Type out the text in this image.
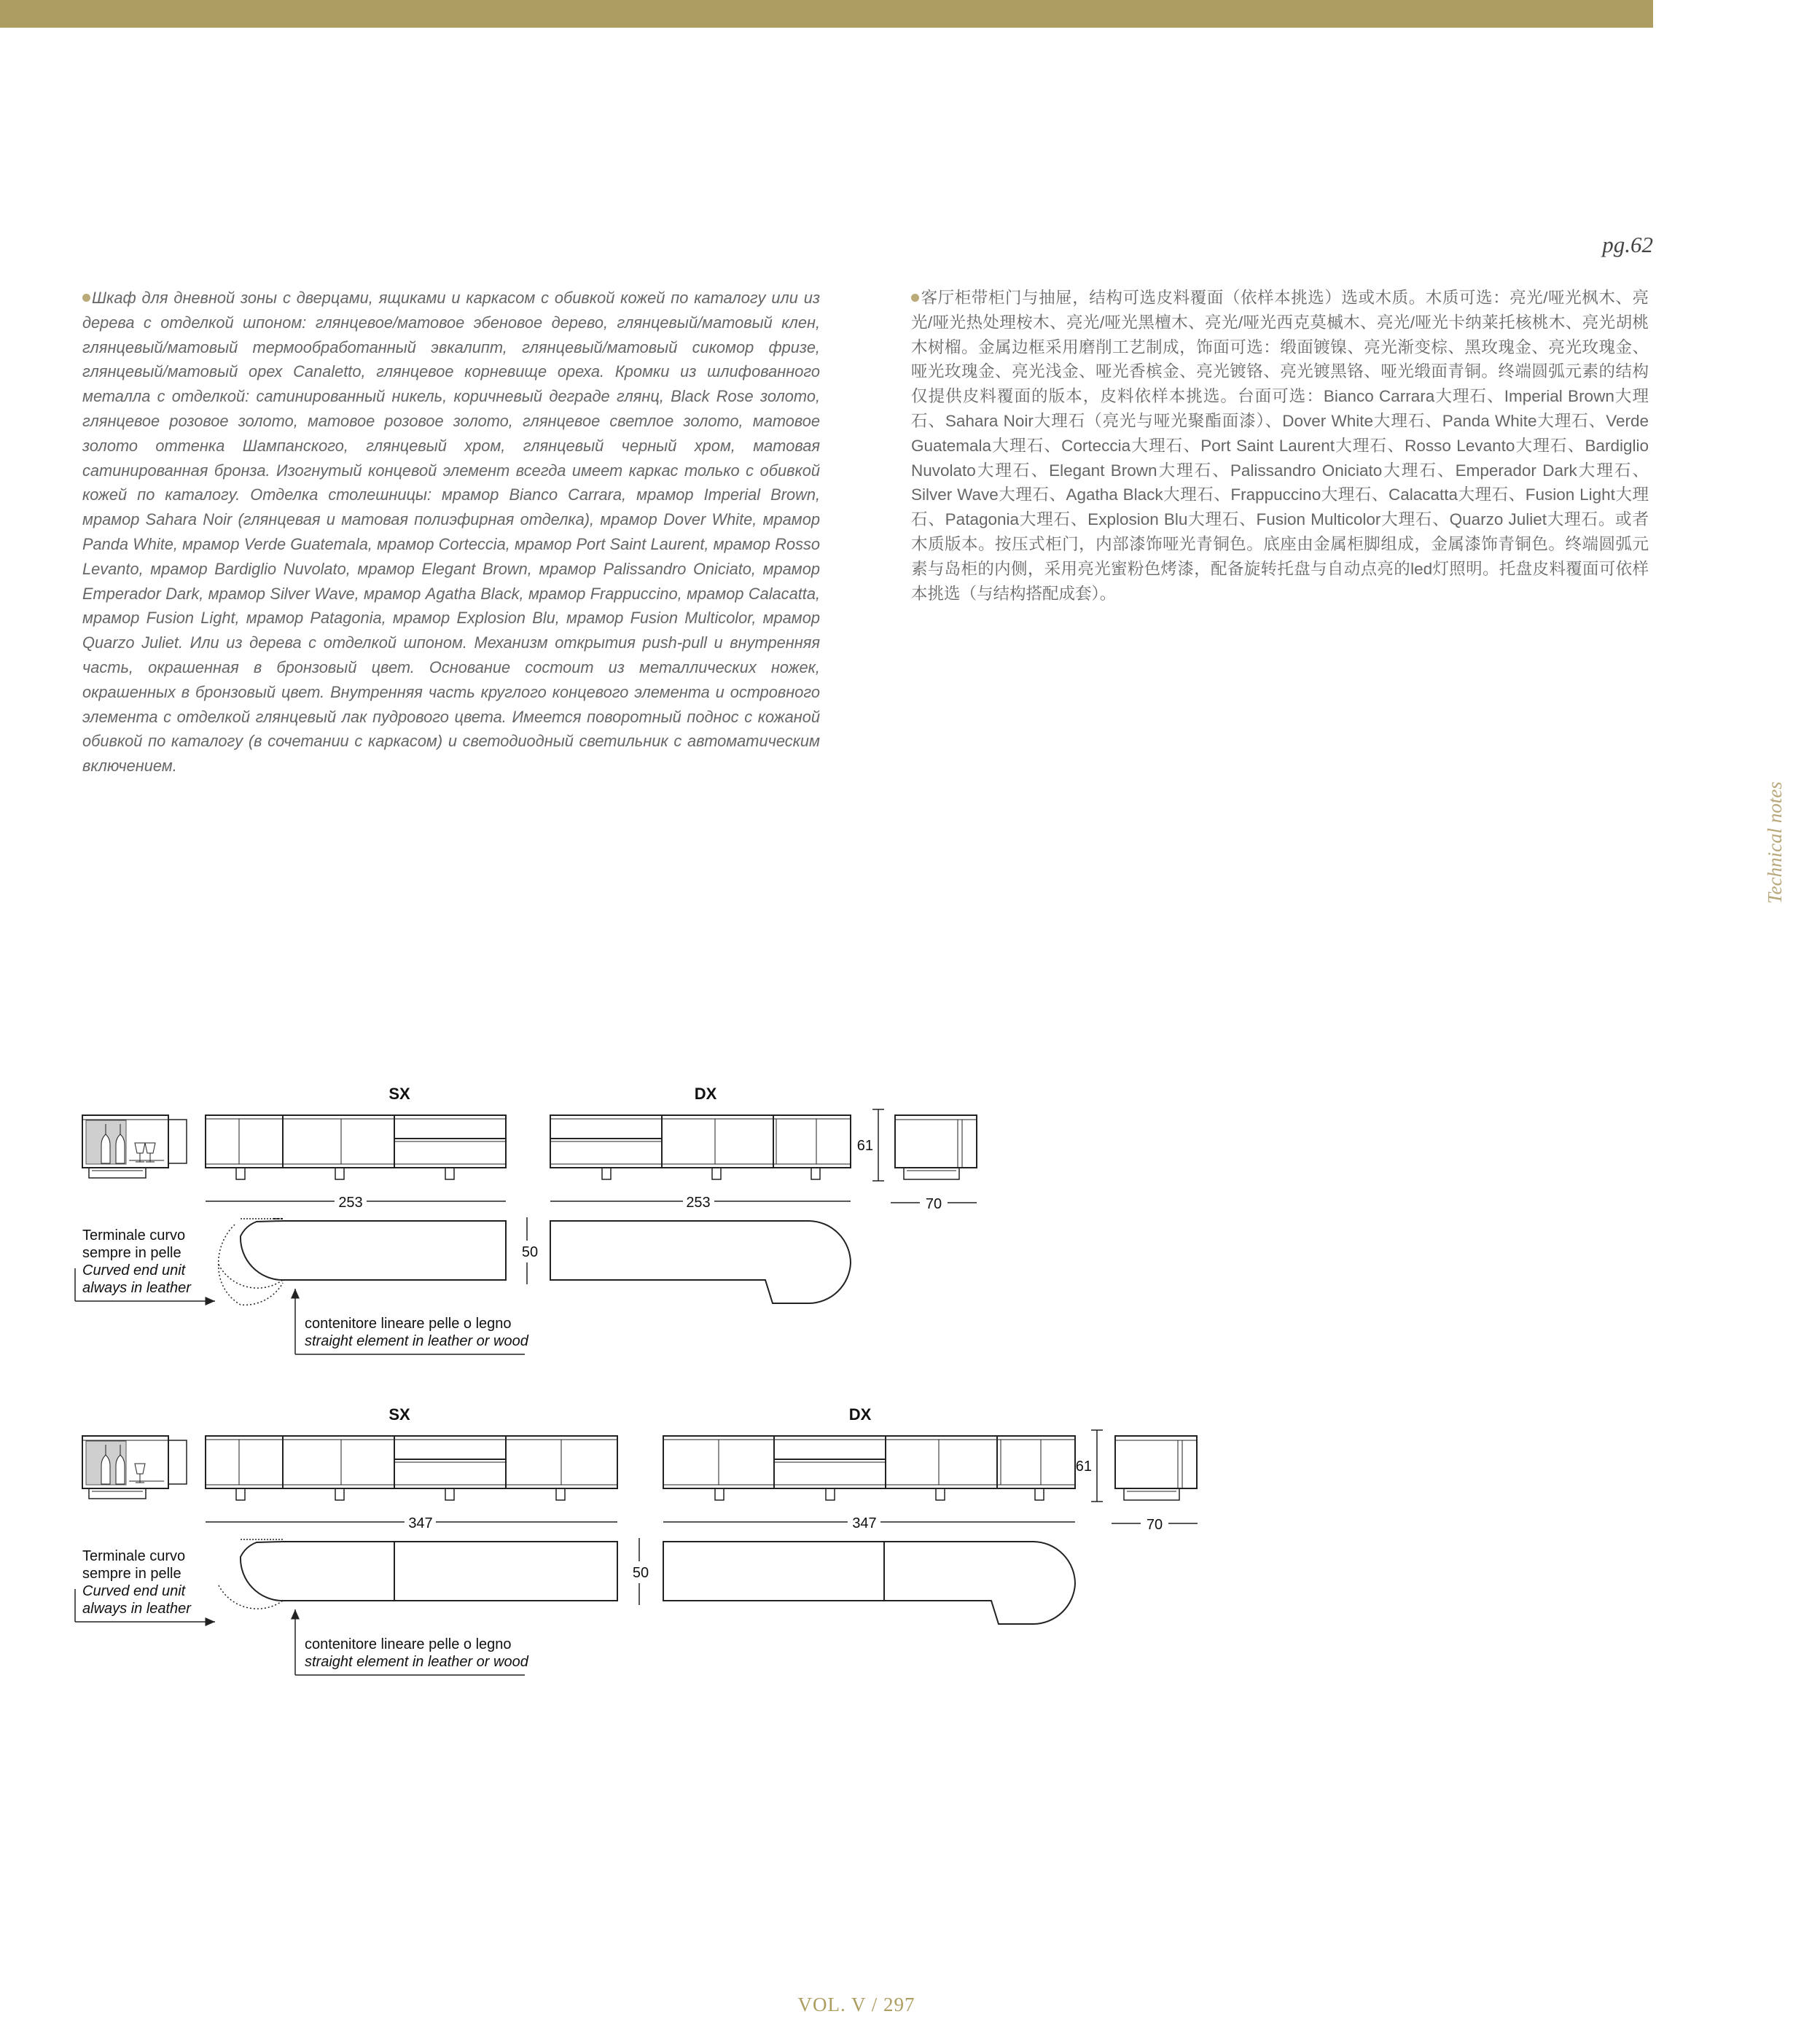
pg.62
Шкаф для дневной зоны с дверцами, ящиками и каркасом с обивкой кожей по каталогу или из дерева с отделкой шпоном: глянцевое/матовое эбеновое дерево, глянцевый/матовый клен, глянцевый/матовый термообработанный эвкалипт, глянцевый/матовый сикомор фризе, глянцевый/матовый орех Canaletto, глянцевое корневище ореха. Кромки из шлифованного металла с отделкой: сатинированный никель, коричневый деграде глянц, Black Rose золото, глянцевое розовое золото, матовое розовое золото, глянцевое светлое золото, матовое золото оттенка Шампанского, глянцевый хром, глянцевый черный хром, матовая сатинированная бронза. Изогнутый концевой элемент всегда имеет каркас только с обивкой кожей по каталогу. Отделка столешницы: мрамор Bianco Carrara, мрамор Imperial Brown, мрамор Sahara Noir (глянцевая и матовая полиэфирная отделка), мрамор Dover White, мрамор Panda White, мрамор Verde Guatemala, мрамор Corteccia, мрамор Port Saint Laurent, мрамор Rosso Levanto, мрамор Bardiglio Nuvolato, мрамор Elegant Brown, мрамор Palissandro Oniciato, мрамор Emperador Dark, мрамор Silver Wave, мрамор Agatha Black, мрамор Frappuccino, мрамор Calacatta, мрамор Fusion Light, мрамор Patagonia, мрамор Explosion Blu, мрамор Fusion Multicolor, мрамор Quarzo Juliet. Или из дерева с отделкой шпоном. Механизм открытия push-pull и внутренняя часть, окрашенная в бронзовый цвет. Основание состоит из металлических ножек, окрашенных в бронзовый цвет. Внутренняя часть круглого концевого элемента и островного элемента с отделкой глянцевый лак пудрового цвета. Имеется поворотный поднос с кожаной обивкой по каталогу (в сочетании с каркасом) и светодиодный светильник с автоматическим включением.
客厅柜带柜门与抽屉，结构可选皮料覆面（依样本挑选）选或木质。木质可选：亮光/哑光枫木、亮光/哑光热处理桉木、亮光/哑光黑檀木、亮光/哑光西克莫槭木、亮光/哑光卡纳莱托核桃木、亮光胡桃木树榴。金属边框采用磨削工艺制成，饰面可选：缎面镀镍、亮光渐变棕、黑玫瑰金、亮光玫瑰金、哑光玫瑰金、亮光浅金、哑光香槟金、亮光镀铬、亮光镀黑铬、哑光缎面青铜。终端圆弧元素的结构仅提供皮料覆面的版本，皮料依样本挑选。台面可选：Bianco Carrara大理石、Imperial Brown大理石、Sahara Noir大理石（亮光与哑光聚酯面漆）、Dover White大理石、Panda White大理石、Verde Guatemala大理石、Corteccia大理石、Port Saint Laurent大理石、Rosso Levanto大理石、Bardiglio Nuvolato大理石、Elegant Brown大理石、Palissandro Oniciato大理石、Emperador Dark大理石、Silver Wave大理石、Agatha Black大理石、Frappuccino大理石、Calacatta大理石、Fusion Light大理石、Patagonia大理石、Explosion Blu大理石、Fusion Multicolor大理石、Quarzo Juliet大理石。或者木质版本。按压式柜门，内部漆饰哑光青铜色。底座由金属柜脚组成，金属漆饰青铜色。终端圆弧元素与岛柜的内侧，采用亮光蜜粉色烤漆，配备旋转托盘与自动点亮的led灯照明。托盘皮料覆面可依样本挑选（与结构搭配成套）。
Technical notes
SX	DX
253	253
61
70
50
Terminale curvo
sempre in pelle
Curved end unit
always in leather
contenitore lineare pelle o legno
straight element in leather or wood
SX	DX
347	347
61
70
50
Terminale curvo
sempre in pelle
Curved end unit
always in leather
contenitore lineare pelle o legno
straight element in leather or wood
VOL. V / 297
